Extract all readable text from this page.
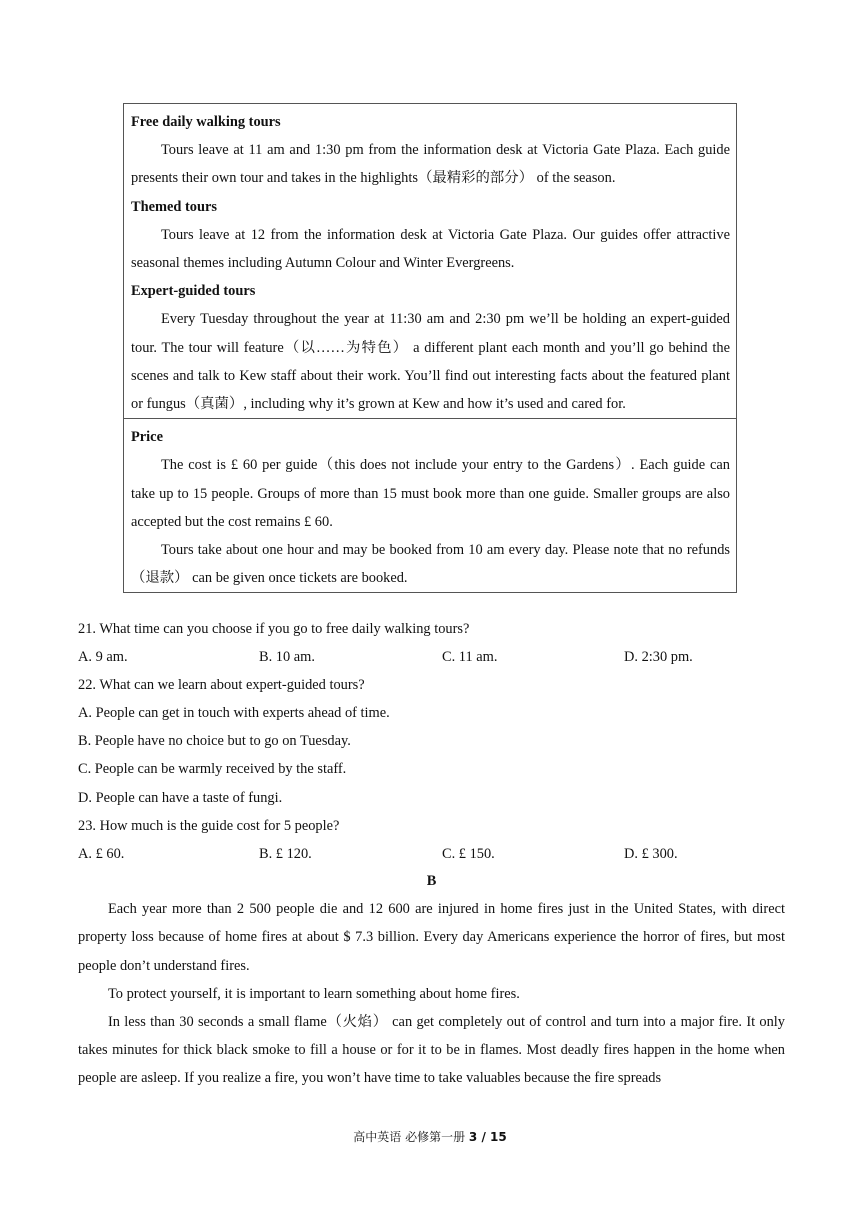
Free daily walking tours
Tours leave at 11 am and 1:30 pm from the information desk at Victoria Gate Plaza. Each guide presents their own tour and takes in the highlights（最精彩的部分） of the season.
Themed tours
Tours leave at 12 from the information desk at Victoria Gate Plaza. Our guides offer attractive seasonal themes including Autumn Colour and Winter Evergreens.
Expert-guided tours
Every Tuesday throughout the year at 11:30 am and 2:30 pm we’ll be holding an expert-guided tour. The tour will feature（以……为特色） a different plant each month and you’ll go behind the scenes and talk to Kew staff about their work. You’ll find out interesting facts about the featured plant or fungus（真菌）, including why it’s grown at Kew and how it’s used and cared for.
Price
The cost is £ 60 per guide（this does not include your entry to the Gardens）. Each guide can take up to 15 people. Groups of more than 15 must book more than one guide. Smaller groups are also accepted but the cost remains £ 60.
Tours take about one hour and may be booked from 10 am every day. Please note that no refunds（退款） can be given once tickets are booked.
21. What time can you choose if you go to free daily walking tours?
A. 9 am.	B. 10 am.	C. 11 am.	D. 2:30 pm.
22. What can we learn about expert-guided tours?
A. People can get in touch with experts ahead of time.
B. People have no choice but to go on Tuesday.
C. People can be warmly received by the staff.
D. People can have a taste of fungi.
23. How much is the guide cost for 5 people?
A. £ 60.	B. £ 120.	C. £ 150.	D. £ 300.
B
Each year more than 2 500 people die and 12 600 are injured in home fires just in the United States, with direct property loss because of home fires at about $ 7.3 billion. Every day Americans experience the horror of fires, but most people don’t understand fires.
To protect yourself, it is important to learn something about home fires.
In less than 30 seconds a small flame（火焰） can get completely out of control and turn into a major fire. It only takes minutes for thick black smoke to fill a house or for it to be in flames. Most deadly fires happen in the home when people are asleep. If you realize a fire, you won’t have time to take valuables because the fire spreads
高中英语 必修第一册 3 / 15
